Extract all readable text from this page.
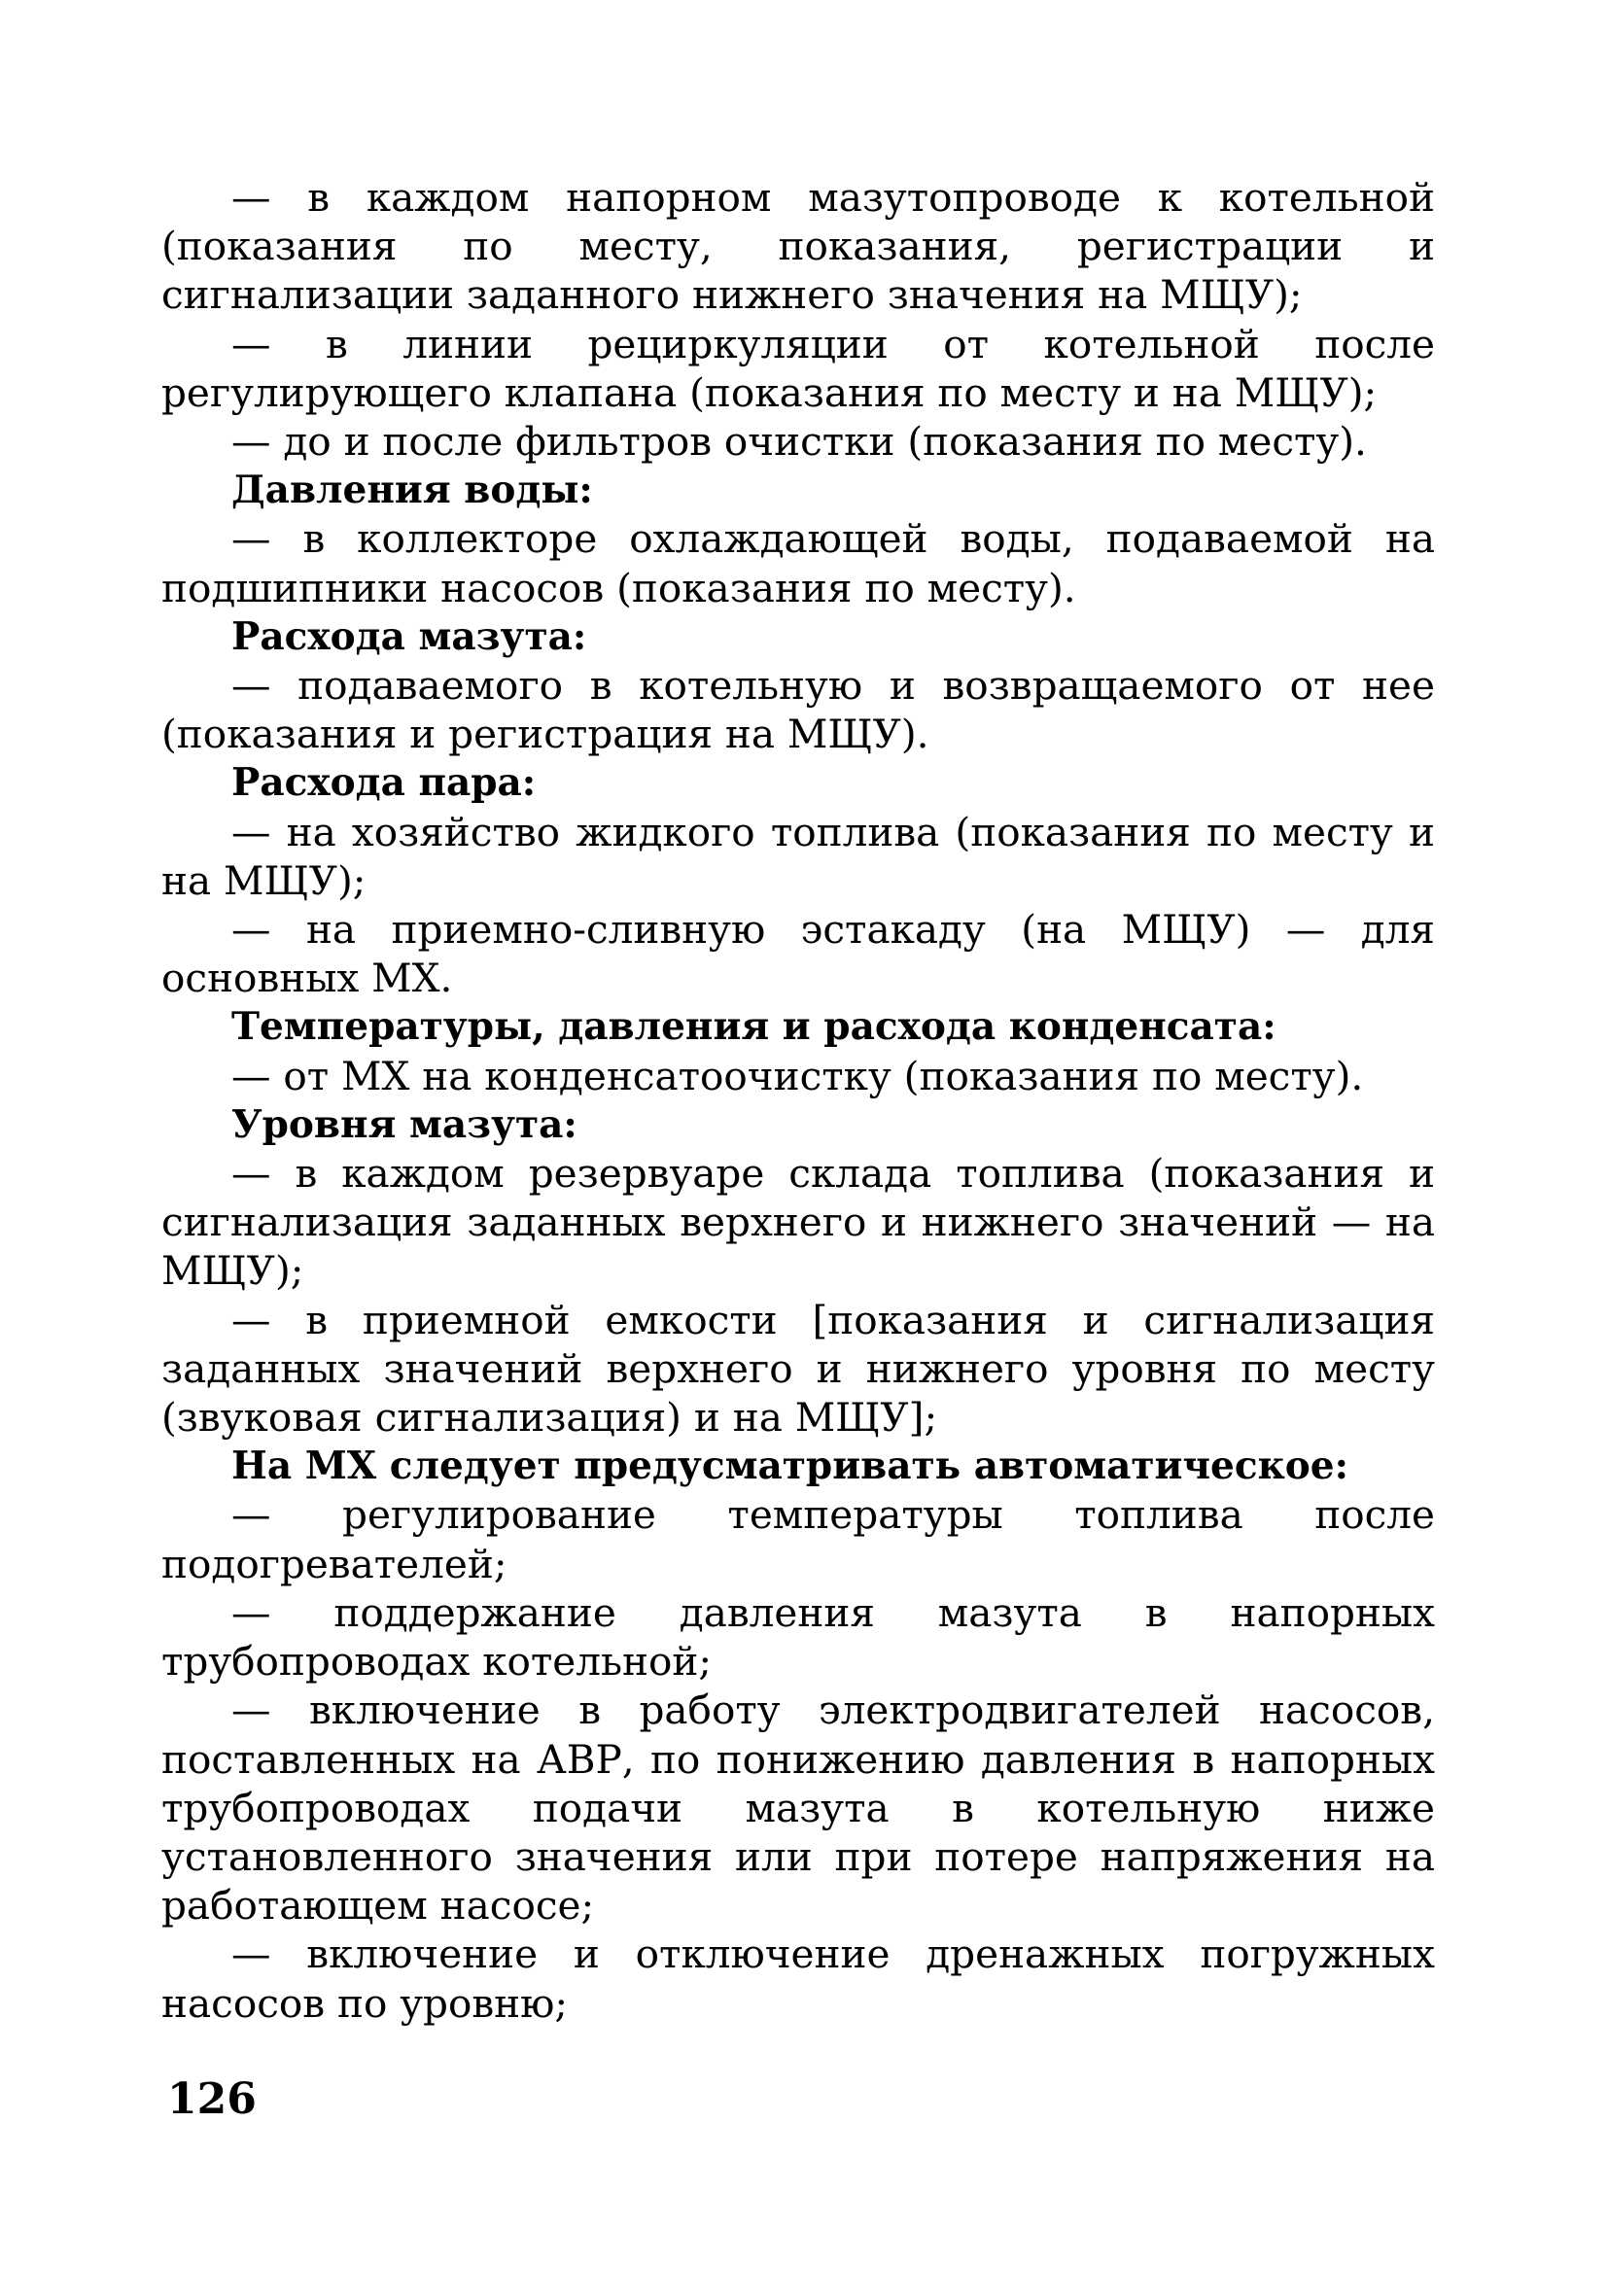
— в каждом напорном мазутопроводе к котельной (показания по месту, показания, регистрации и сигнализации заданного нижнего значения на МЩУ);

— в линии рециркуляции от котельной после регулирующего клапана (показания по месту и на МЩУ);

— до и после фильтров очистки (показания по месту).

Давления воды:

— в коллекторе охлаждающей воды, подаваемой на подшипники насосов (показания по месту).

Расхода мазута:

— подаваемого в котельную и возвращаемого от нее (показания и регистрация на МЩУ).

Расхода пара:

— на хозяйство жидкого топлива (показания по месту и на МЩУ);

— на приемно-сливную эстакаду (на МЩУ) — для основных МХ.

Температуры, давления и расхода конденсата:

— от МХ на конденсатоочистку (показания по месту).

Уровня мазута:

— в каждом резервуаре склада топлива (показания и сигнализация заданных верхнего и нижнего значений — на МЩУ);

— в приемной емкости [показания и сигнализация заданных значений верхнего и нижнего уровня по месту (звуковая сигнализация) и на МЩУ];

На МХ следует предусматривать автоматическое:

— регулирование температуры топлива после подогревателей;

— поддержание давления мазута в напорных трубопроводах котельной;

— включение в работу электродвигателей насосов, поставленных на АВР, по понижению давления в напорных трубопроводах подачи мазута в котельную ниже установленного значения или при потере напряжения на работающем насосе;

— включение и отключение дренажных погружных насосов по уровню;

126
